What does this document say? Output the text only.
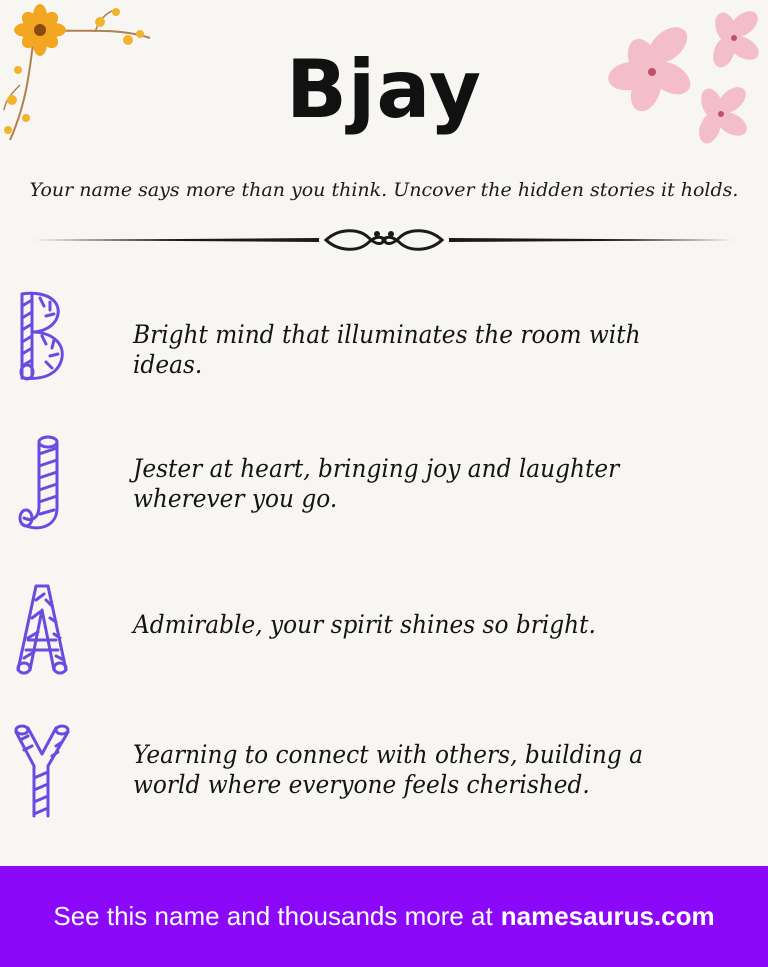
Bjay
Your name says more than you think. Uncover the hidden stories it holds.
Bright mind that illuminates the room with ideas.
Jester at heart, bringing joy and laughter wherever you go.
Admirable, your spirit shines so bright.
Yearning to connect with others, building a world where everyone feels cherished.
See this name and thousands more at namesaurus.com
